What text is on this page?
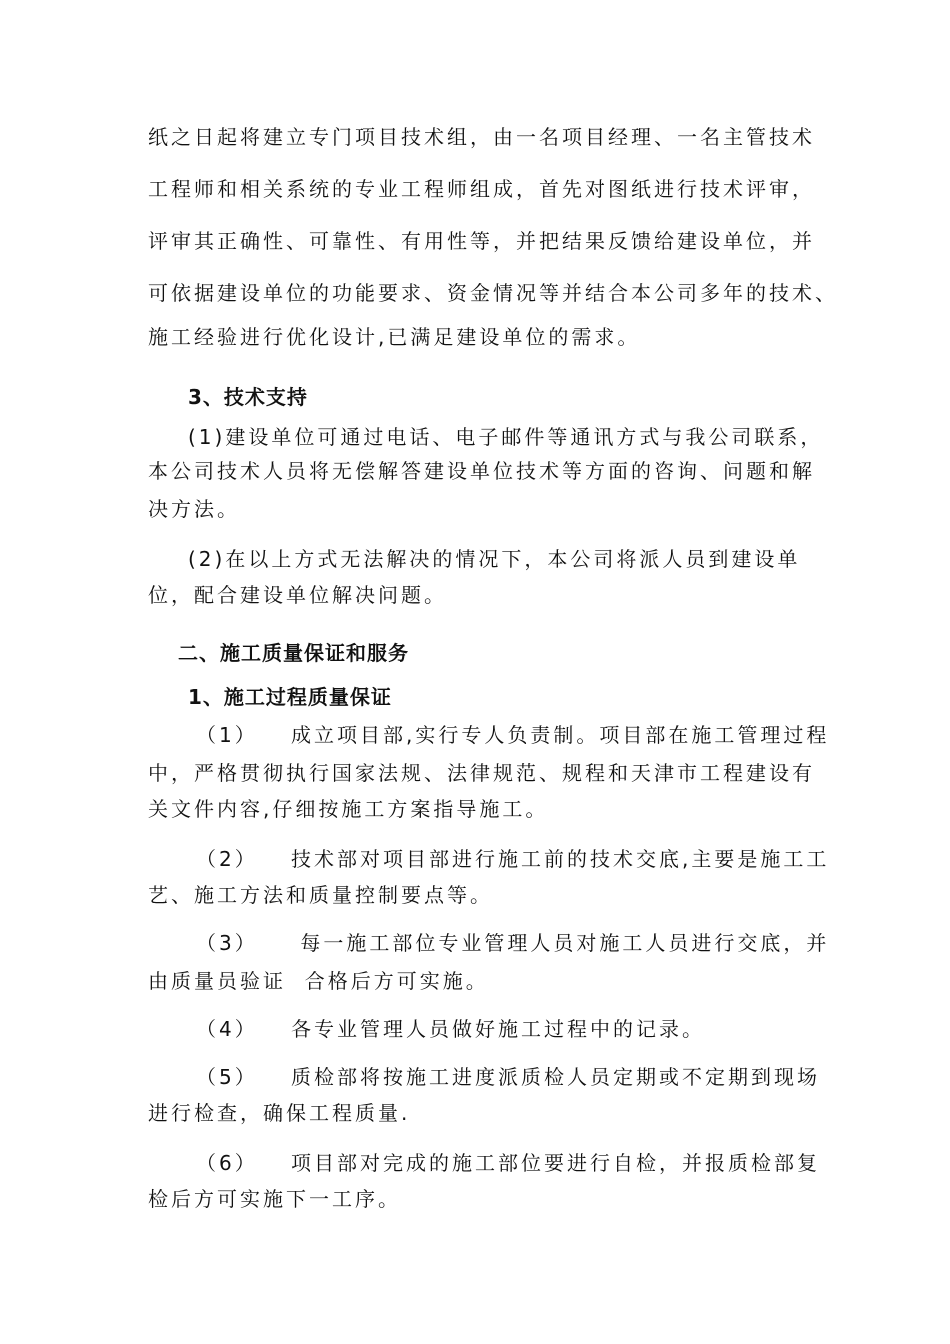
纸之日起将建立专门项目技术组，由一名项目经理、一名主管技术

工程师和相关系统的专业工程师组成，首先对图纸进行技术评审，

评审其正确性、可靠性、有用性等，并把结果反馈给建设单位，并

可依据建设单位的功能要求、资金情况等并结合本公司多年的技术、

施工经验进行优化设计,已满足建设单位的需求。

3、技术支持

(1)建设单位可通过电话、电子邮件等通讯方式与我公司联系，

本公司技术人员将无偿解答建设单位技术等方面的咨询、问题和解

决方法。

(2)在以上方式无法解决的情况下，本公司将派人员到建设单

位，配合建设单位解决问题。

二、施工质量保证和服务

1、施工过程质量保证

（1） 成立项目部,实行专人负责制。项目部在施工管理过程

中，严格贯彻执行国家法规、法律规范、规程和天津市工程建设有

关文件内容,仔细按施工方案指导施工。

（2） 技术部对项目部进行施工前的技术交底,主要是施工工

艺、施工方法和质量控制要点等。

（3） 每一施工部位专业管理人员对施工人员进行交底，并

由质量员验证  合格后方可实施。

（4） 各专业管理人员做好施工过程中的记录。

（5） 质检部将按施工进度派质检人员定期或不定期到现场

进行检查，确保工程质量.

（6） 项目部对完成的施工部位要进行自检，并报质检部复

检后方可实施下一工序。
